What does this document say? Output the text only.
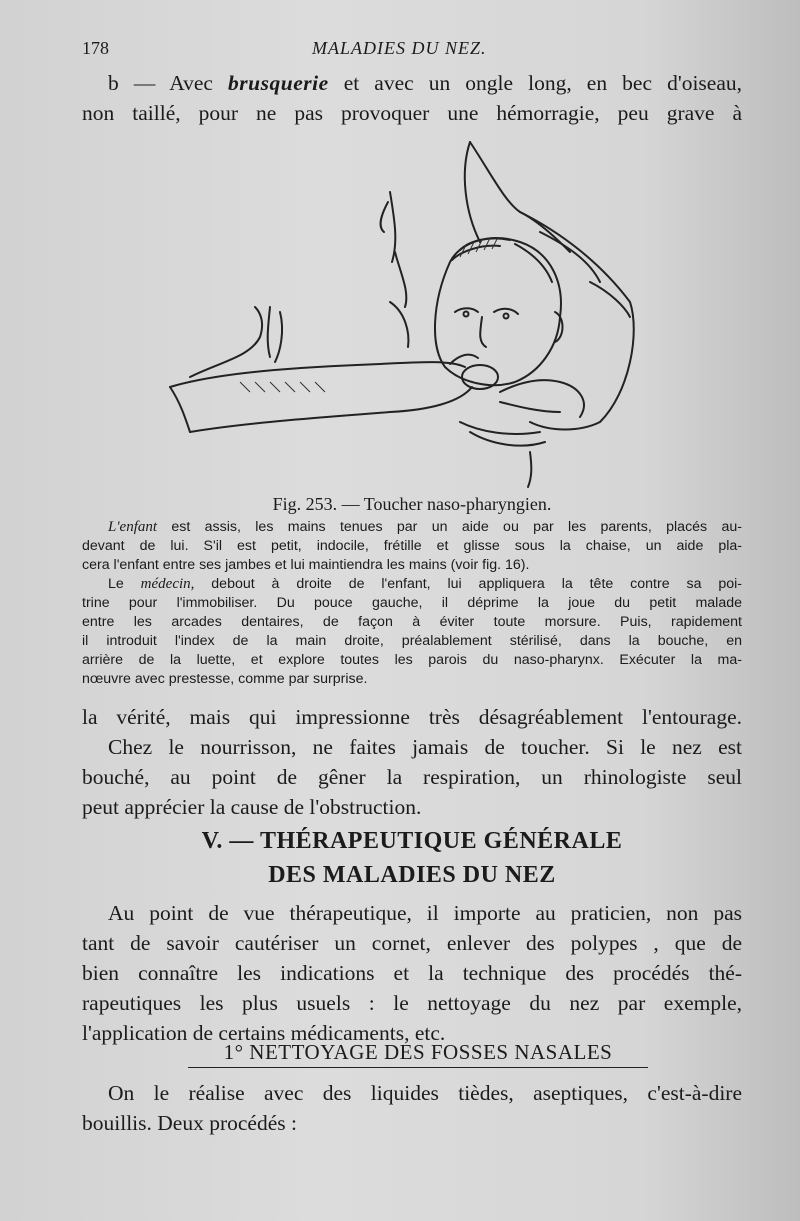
178	MALADIES DU NEZ.
b — Avec brusquerie et avec un ongle long, en bec d'oiseau,
non taillé, pour ne pas provoquer une hémorragie, peu grave à
Fig. 253. — Toucher naso-pharyngien.
L'enfant est assis, les mains tenues par un aide ou par les parents, placés au-
devant de lui. S'il est petit, indocile, frétille et glisse sous la chaise, un aide pla-
cera l'enfant entre ses jambes et lui maintiendra les mains (voir fig. 16).
Le médecin, debout à droite de l'enfant, lui appliquera la tête contre sa poi-
trine pour l'immobiliser. Du pouce gauche, il déprime la joue du petit malade
entre les arcades dentaires, de façon à éviter toute morsure. Puis, rapidement
il introduit l'index de la main droite, préalablement stérilisé, dans la bouche, en
arrière de la luette, et explore toutes les parois du naso-pharynx. Exécuter la ma-
nœuvre avec prestesse, comme par surprise.
la vérité, mais qui impressionne très désagréablement l'entourage.
Chez le nourrisson, ne faites jamais de toucher. Si le nez est
bouché, au point de gêner la respiration, un rhinologiste seul
peut apprécier la cause de l'obstruction.
V. — THÉRAPEUTIQUE GÉNÉRALE
DES MALADIES DU NEZ
Au point de vue thérapeutique, il importe au praticien, non pas
tant de savoir cautériser un cornet, enlever des polypes , que de
bien connaître les indications et la technique des procédés thé-
rapeutiques les plus usuels : le nettoyage du nez par exemple,
l'application de certains médicaments, etc.
1° NETTOYAGE DES FOSSES NASALES
On le réalise avec des liquides tièdes, aseptiques, c'est-à-dire
bouillis. Deux procédés :
